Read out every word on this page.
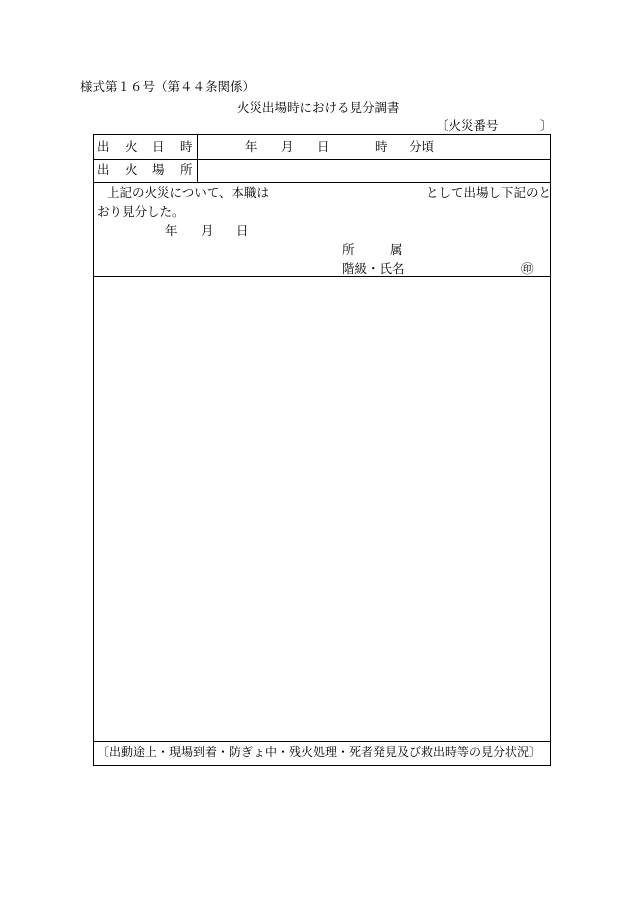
様式第１６号（第４４条関係）
火災出場時における見分調書
〔火災番号	〕
出 火 日 時	年 月 日	時 分頃
出 火 場 所
上記の火災について、本職は	として出場し下記のと
おり見分した。
年 月 日
所	属
階級・氏名	㊞
〔出動途上・現場到着・防ぎょ中・残火処理・死者発見及び救出時等の見分状況〕
